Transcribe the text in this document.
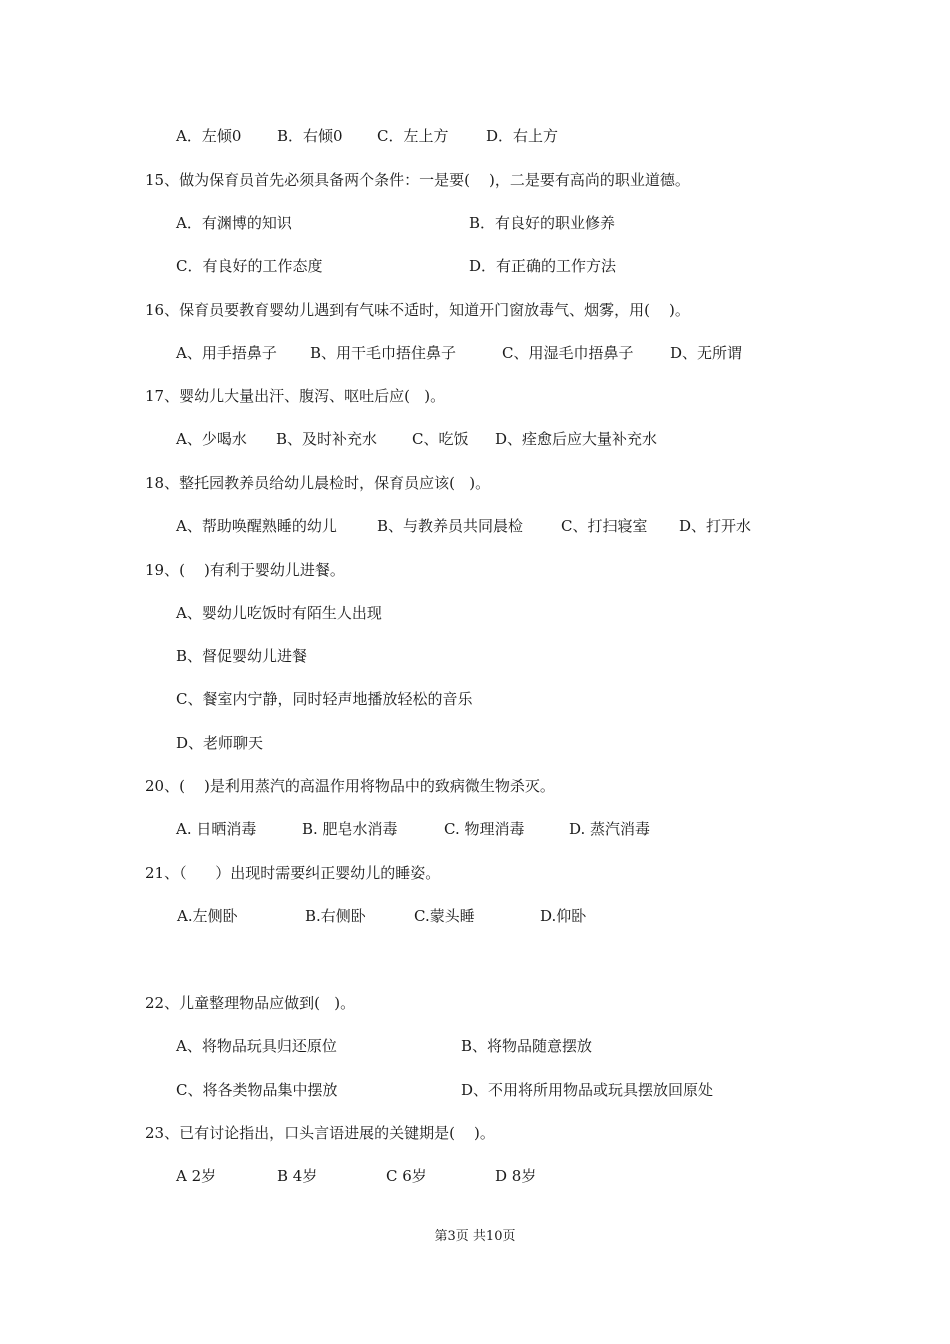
A．左倾0 B．右倾0 C．左上方	D．右上方
15、做为保育员首先必须具备两个条件：一是要(    )，二是要有高尚的职业道德。
A．有渊博的知识	B．有良好的职业修养
C．有良好的工作态度	D．有正确的工作方法
16、保育员要教育婴幼儿遇到有气味不适时，知道开门窗放毒气、烟雾，用(    )。
A、用手捂鼻子 B、用干毛巾捂住鼻子	C、用湿毛巾捂鼻子 D、无所谓
17、婴幼儿大量出汗、腹泻、呕吐后应(   )。
A、少喝水 B、及时补充水 C、吃饭 D、痊愈后应大量补充水
18、整托园教养员给幼儿晨检时，保育员应该(   )。
A、帮助唤醒熟睡的幼儿	B、与教养员共同晨检	C、打扫寝室 D、打开水
19、(    )有利于婴幼儿进餐。
A、婴幼儿吃饭时有陌生人出现
B、督促婴幼儿进餐
C、餐室内宁静，同时轻声地播放轻松的音乐
D、老师聊天
20、(    )是利用蒸汽的高温作用将物品中的致病微生物杀灭。
A. 日晒消毒	B. 肥皂水消毒	C. 物理消毒	D. 蒸汽消毒
21、（      ）出现时需要纠正婴幼儿的睡姿。
A.左侧卧	B.右侧卧	C.蒙头睡	D.仰卧
22、儿童整理物品应做到(   )。
A、将物品玩具归还原位	B、将物品随意摆放
C、将各类物品集中摆放	D、不用将所用物品或玩具摆放回原处
23、已有讨论指出，口头言语进展的关键期是(    )。
A 2岁	B 4岁	C 6岁	D 8岁
第3页 共10页
